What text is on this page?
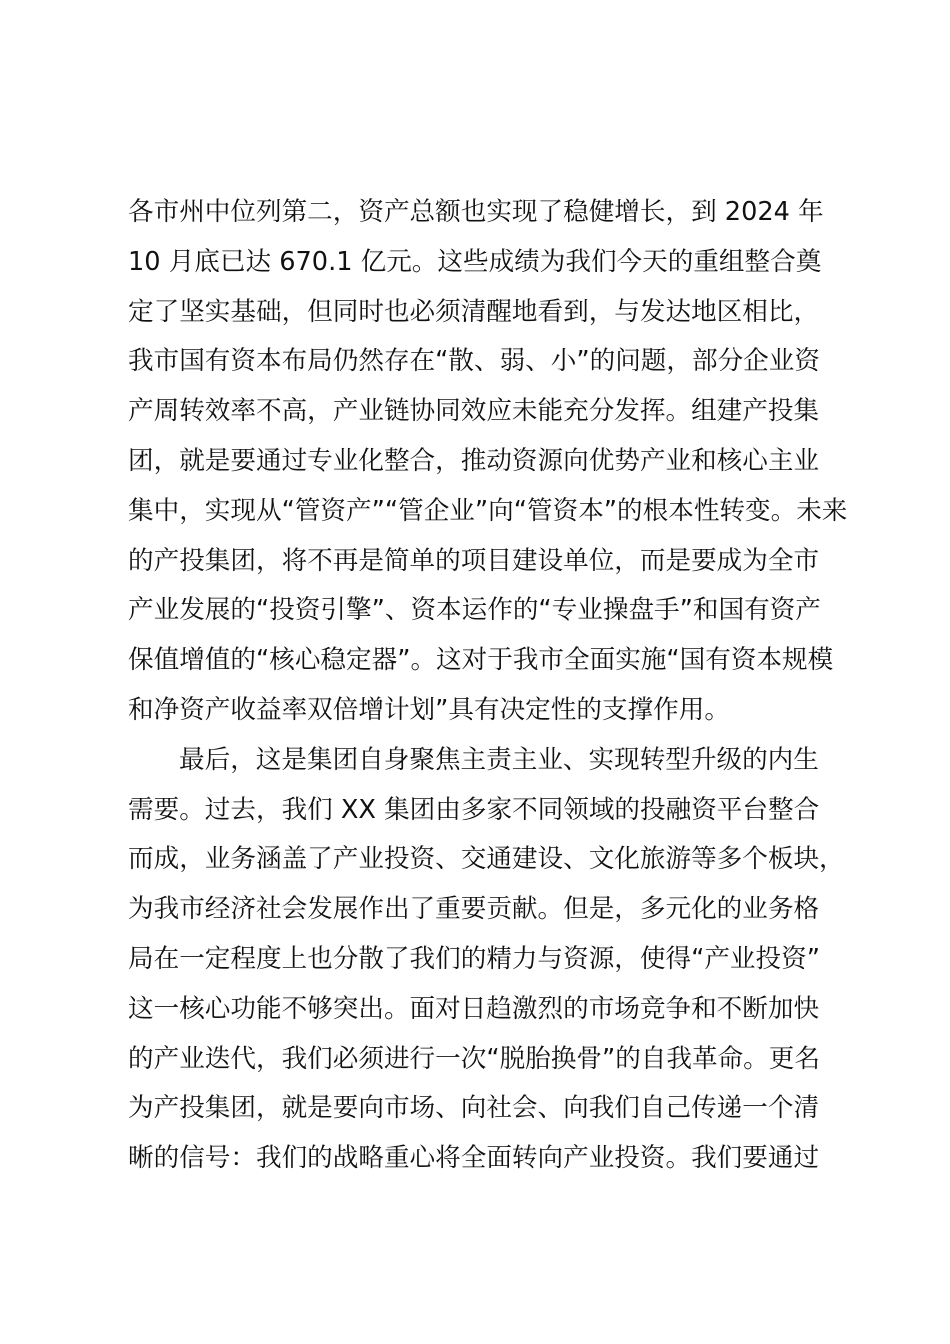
各市州中位列第二，资产总额也实现了稳健增长，到 2024 年
10 月底已达 670.1 亿元。这些成绩为我们今天的重组整合奠
定了坚实基础，但同时也必须清醒地看到，与发达地区相比，
我市国有资本布局仍然存在“散、弱、小”的问题，部分企业资
产周转效率不高，产业链协同效应未能充分发挥。组建产投集
团，就是要通过专业化整合，推动资源向优势产业和核心主业
集中，实现从“管资产”“管企业”向“管资本”的根本性转变。未来
的产投集团，将不再是简单的项目建设单位，而是要成为全市
产业发展的“投资引擎”、资本运作的“专业操盘手”和国有资产
保值增值的“核心稳定器”。这对于我市全面实施“国有资本规模
和净资产收益率双倍增计划”具有决定性的支撑作用。
最后，这是集团自身聚焦主责主业、实现转型升级的内生
需要。过去，我们 XX 集团由多家不同领域的投融资平台整合
而成，业务涵盖了产业投资、交通建设、文化旅游等多个板块，
为我市经济社会发展作出了重要贡献。但是，多元化的业务格
局在一定程度上也分散了我们的精力与资源，使得“产业投资”
这一核心功能不够突出。面对日趋激烈的市场竞争和不断加快
的产业迭代，我们必须进行一次“脱胎换骨”的自我革命。更名
为产投集团，就是要向市场、向社会、向我们自己传递一个清
晰的信号：我们的战略重心将全面转向产业投资。我们要通过
